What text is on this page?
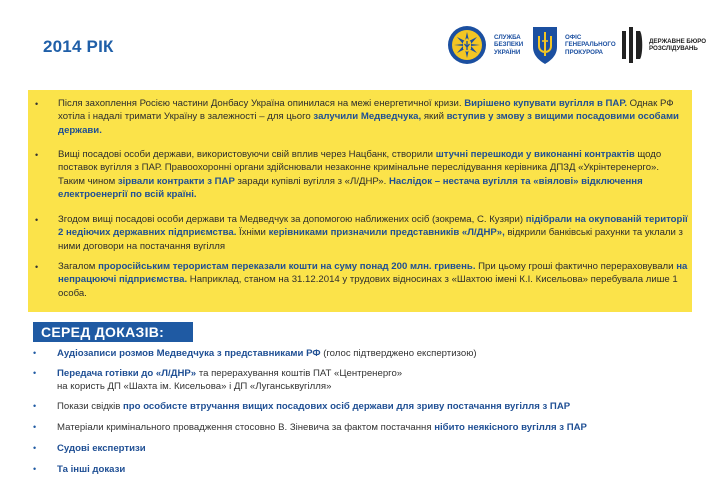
2014 РІК	СЛУЖБА
БЕЗПЕКИ
УКРАЇНИ
ОФІС
ГЕНЕРАЛЬНОГО
ПРОКУРОРА
ДЕРЖАВНЕ БЮРО
РОЗСЛІДУВАНЬ
• Після захоплення Росією частини Донбасу Україна опинилася на межі енергетичної кризи. Вирішено купувати вугілля в ПАР. Однак РФ хотіла і надалі тримати Україну в залежності – для цього залучили Медведчука, який вступив у змову з вищими посадовими особами держави.
• Вищі посадові особи держави, використовуючи свій вплив через Нацбанк, створили штучні перешкоди у виконанні контрактів щодо поставок вугілля з ПАР. Правоохоронні органи здійснювали незаконне кримінальне переслідування керівника ДПЗД «Укрінтеренерго». Таким чином зірвали контракти з ПАР заради купівлі вугілля з «Л/ДНР». Наслідок – нестача вугілля та «віялові» відключення електроенергії по всій країні.
• Згодом вищі посадові особи держави та Медведчук за допомогою наближених осіб (зокрема, С. Кузяри) підібрали на окупованій території 2 недіючих державних підприємства. Їхніми керівниками призначили представників «Л/ДНР», відкрили банківські рахунки та уклали з ними договори на постачання вугілля
• Загалом проросійським терористам переказали кошти на суму понад 200 млн. гривень. При цьому гроші фактично перераховували на непрацюючі підприємства. Наприклад, станом на 31.12.2014 у трудових відносинах з «Шахтою імені К.І. Кисельова» перебувала лише 1 особа.
СЕРЕД ДОКАЗІВ:
• Аудіозаписи розмов Медведчука з представниками РФ (голос підтверджено експертизою)
• Передача готівки до «Л/ДНР» та перерахування коштів ПАТ «Центренерго»
на користь ДП «Шахта ім. Кисельова» і ДП «Луганськвугілля»
• Покази свідків про особисте втручання вищих посадових осіб держави для зриву постачання вугілля з ПАР
• Матеріали кримінального провадження стосовно В. Зіневича за фактом постачання нібито неякісного вугілля з ПАР
• Судові експертизи
• Та інші докази
